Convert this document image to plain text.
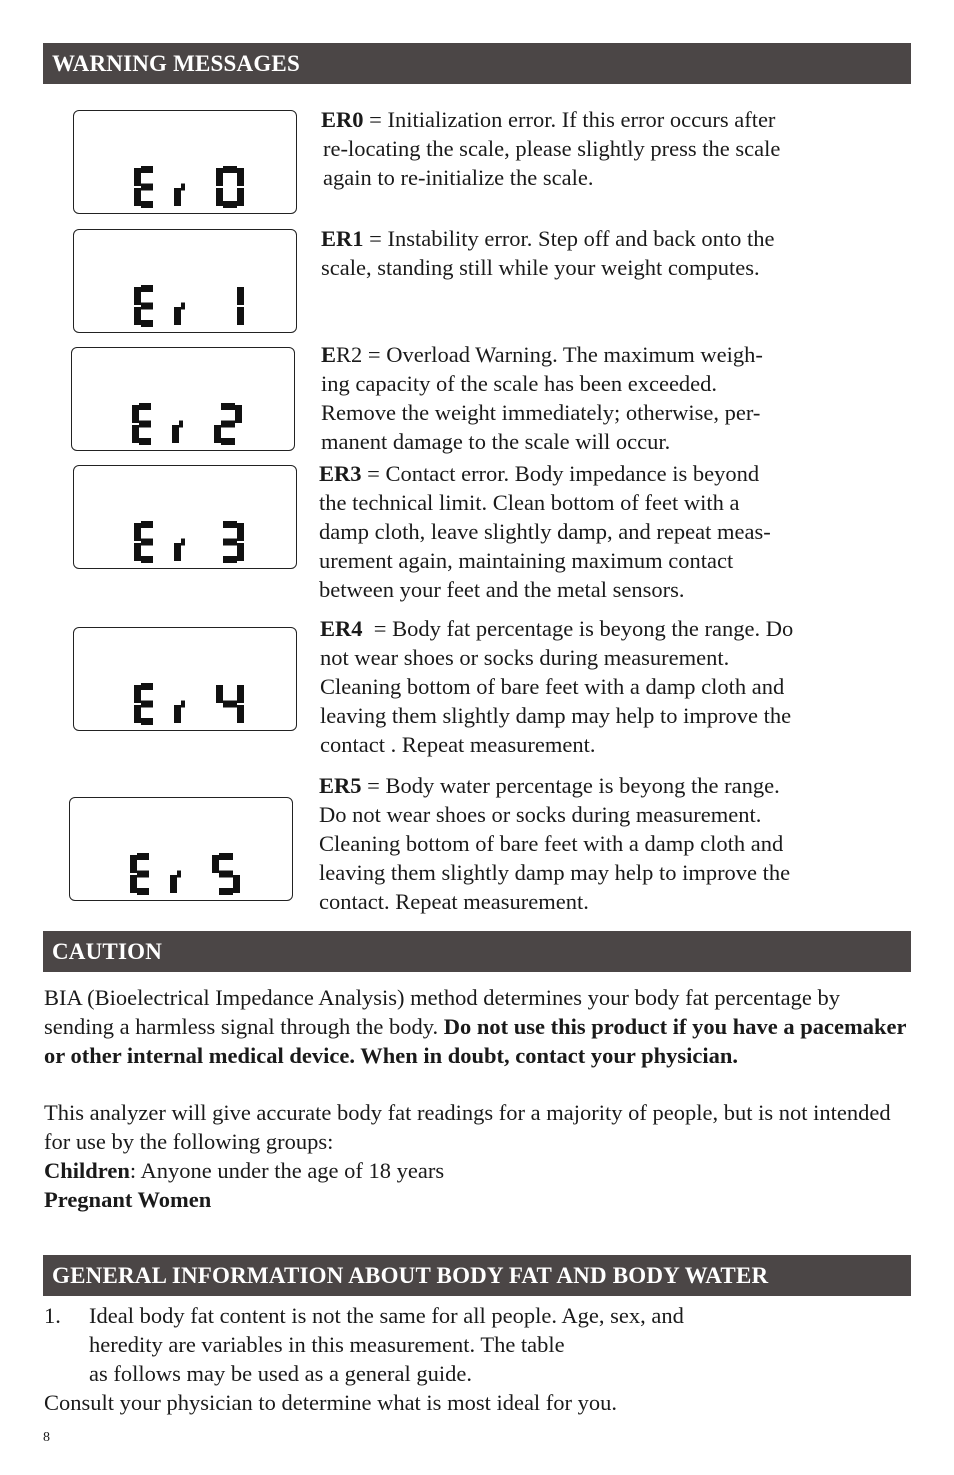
WARNING MESSAGES
ER0 = Initialization error. If this error occurs after
re-locating the scale, please slightly press the scale
again to re-initialize the scale.
ER1 = Instability error. Step off and back onto the
scale, standing still while your weight computes.
ER2 = Overload Warning. The maximum weigh-
ing capacity of the scale has been exceeded.
Remove the weight immediately; otherwise, per-
manent damage to the scale will occur.
ER3 = Contact error. Body impedance is beyond
the technical limit. Clean bottom of feet with a
damp cloth, leave slightly damp, and repeat meas-
urement again, maintaining maximum contact
between your feet and the metal sensors.
ER4  = Body fat percentage is beyong the range. Do
not wear shoes or socks during measurement.
Cleaning bottom of bare feet with a damp cloth and
leaving them slightly damp may help to improve the
contact . Repeat measurement.
ER5 = Body water percentage is beyong the range.
Do not wear shoes or socks during measurement.
Cleaning bottom of bare feet with a damp cloth and
leaving them slightly damp may help to improve the
contact. Repeat measurement.
CAUTION
BIA (Bioelectrical Impedance Analysis) method determines your body fat percentage by sending a harmless signal through the body. Do not use this product if you have a pacemaker or other internal medical device. When in doubt, contact your physician.
This analyzer will give accurate body fat readings for a majority of people, but is not intended for use by the following groups:
Children: Anyone under the age of 18 years
Pregnant Women
GENERAL INFORMATION ABOUT BODY FAT AND BODY WATER
1. Ideal body fat content is not the same for all people. Age, sex, and
heredity are variables in this measurement. The table
as follows may be used as a general guide.
Consult your physician to determine what is most ideal for you.
8
